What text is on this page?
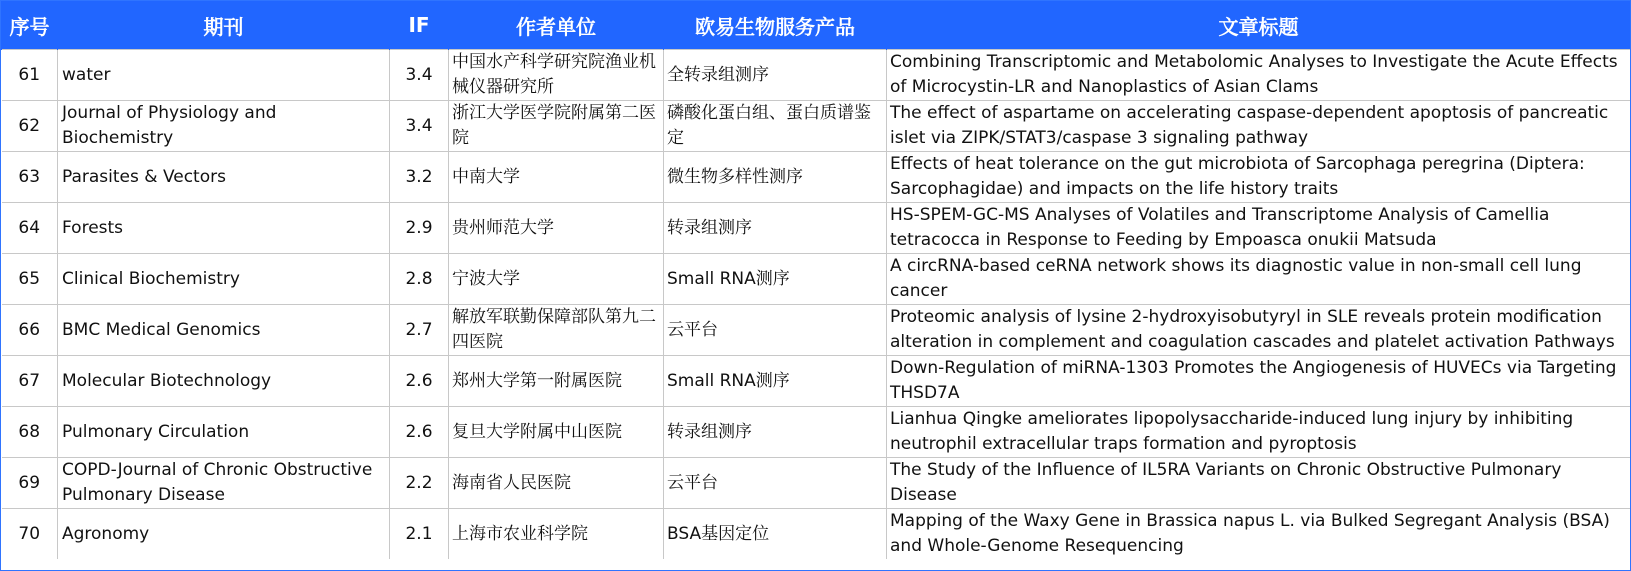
序号	期刊	IF	作者单位	欧易生物服务产品	文章标题
61	water	3.4	中国水产科学研究院渔业机械仪器研究所	全转录组测序	Combining Transcriptomic and Metabolomic Analyses to Investigate the Acute Effects of Microcystin-LR and Nanoplastics of Asian Clams
62	Journal of Physiology and Biochemistry	3.4	浙江大学医学院附属第二医院	磷酸化蛋白组、蛋白质谱鉴定	The effect of aspartame on accelerating caspase-dependent apoptosis of pancreatic islet via ZIPK/STAT3/caspase 3 signaling pathway
63	Parasites & Vectors	3.2	中南大学	微生物多样性测序	Effects of heat tolerance on the gut microbiota of Sarcophaga peregrina (Diptera: Sarcophagidae) and impacts on the life history traits
64	Forests	2.9	贵州师范大学	转录组测序	HS-SPEM-GC-MS Analyses of Volatiles and Transcriptome Analysis of Camellia tetracocca in Response to Feeding by Empoasca onukii Matsuda
65	Clinical Biochemistry	2.8	宁波大学	Small RNA测序	A circRNA-based ceRNA network shows its diagnostic value in non-small cell lung cancer
66	BMC Medical Genomics	2.7	解放军联勤保障部队第九二四医院	云平台	Proteomic analysis of lysine 2-hydroxyisobutyryl in SLE reveals protein modification alteration in complement and coagulation cascades and platelet activation Pathways
67	Molecular Biotechnology	2.6	郑州大学第一附属医院	Small RNA测序	Down-Regulation of miRNA-1303 Promotes the Angiogenesis of HUVECs via Targeting THSD7A
68	Pulmonary Circulation	2.6	复旦大学附属中山医院	转录组测序	Lianhua Qingke ameliorates lipopolysaccharide-induced lung injury by inhibiting neutrophil extracellular traps formation and pyroptosis
69	COPD-Journal of Chronic Obstructive Pulmonary Disease	2.2	海南省人民医院	云平台	The Study of the Influence of IL5RA Variants on Chronic Obstructive Pulmonary Disease
70	Agronomy	2.1	上海市农业科学院	BSA基因定位	Mapping of the Waxy Gene in Brassica napus L. via Bulked Segregant Analysis (BSA) and Whole-Genome Resequencing
